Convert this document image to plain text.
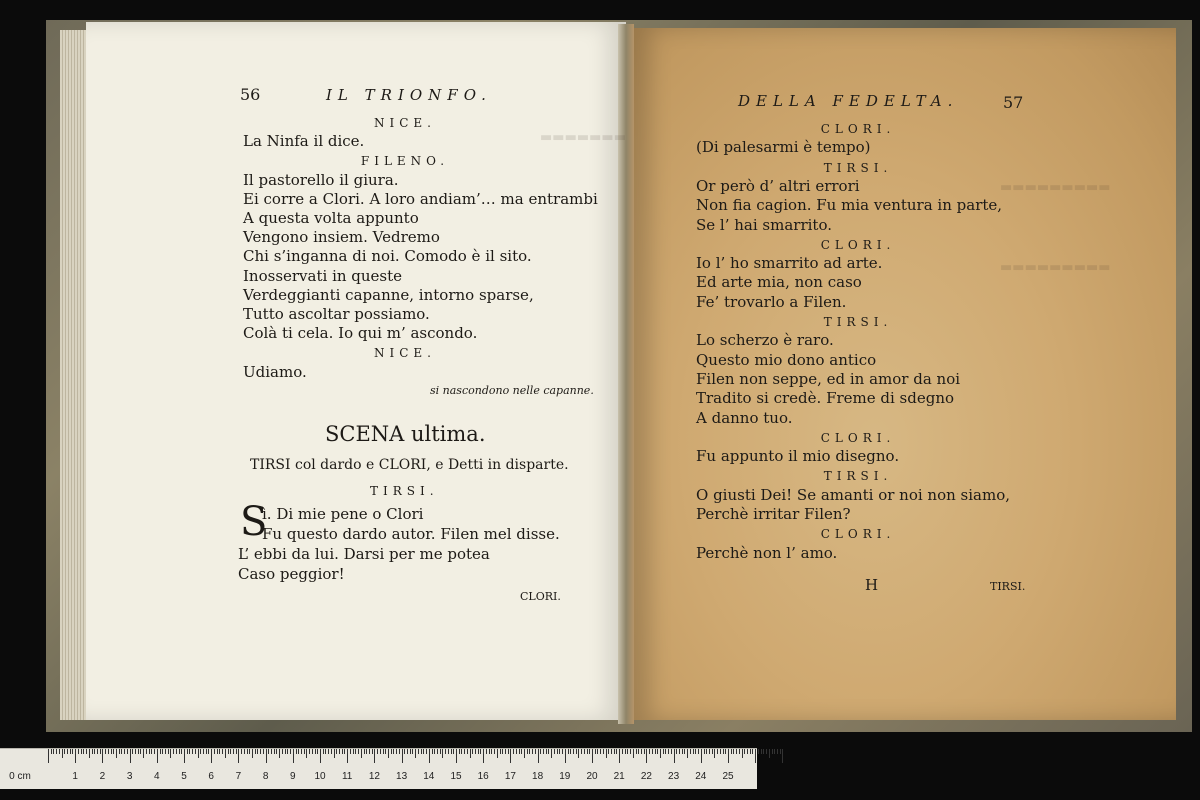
▬▬▬▬▬▬▬
▬▬▬▬▬▬▬▬▬
▬▬▬▬▬▬▬▬▬
56	IL TRIONFO.
NICE.
La Ninfa il dice.
FILENO.
Il pastorello il giura.
Ei corre a Clori. A loro andiam’… ma entrambi
A questa volta appunto
Vengono insiem. Vedremo
Chi s’inganna di noi. Comodo è il sito.
Inosservati in queste
Verdeggianti capanne, intorno sparse,
Tutto ascoltar possiamo.
Colà ti cela. Io qui m’ ascondo.
NICE.
Udiamo.
si nascondono nelle capanne.
SCENA ultima.
TIRSI col dardo e CLORI, e Detti in disparte.
TIRSI.
S
ì. Di mie pene o Clori
Fu questo dardo autor. Filen mel disse.
L’ ebbi da lui. Darsi per me potea
Caso peggior!
CLORI.
DELLA FEDELTA.	57
CLORI.
(Di palesarmi è tempo)
TIRSI.
Or però d’ altri errori
Non fia cagion. Fu mia ventura in parte,
Se l’ hai smarrito.
CLORI.
Io l’ ho smarrito ad arte.
Ed arte mia, non caso
Fe’ trovarlo a Filen.
TIRSI.
Lo scherzo è raro.
Questo mio dono antico
Filen non seppe, ed in amor da noi
Tradito si credè. Freme di sdegno
A danno tuo.
CLORI.
Fu appunto il mio disegno.
TIRSI.
O giusti Dei! Se amanti or noi non siamo,
Perchè irritar Filen?
CLORI.
Perchè non l’ amo.
H	TIRSI.
0 cm	1 2 3 4 5 6 7 8 9 10 11 12 13 14 15 16 17 18 19 20 21 22 23 24 25
